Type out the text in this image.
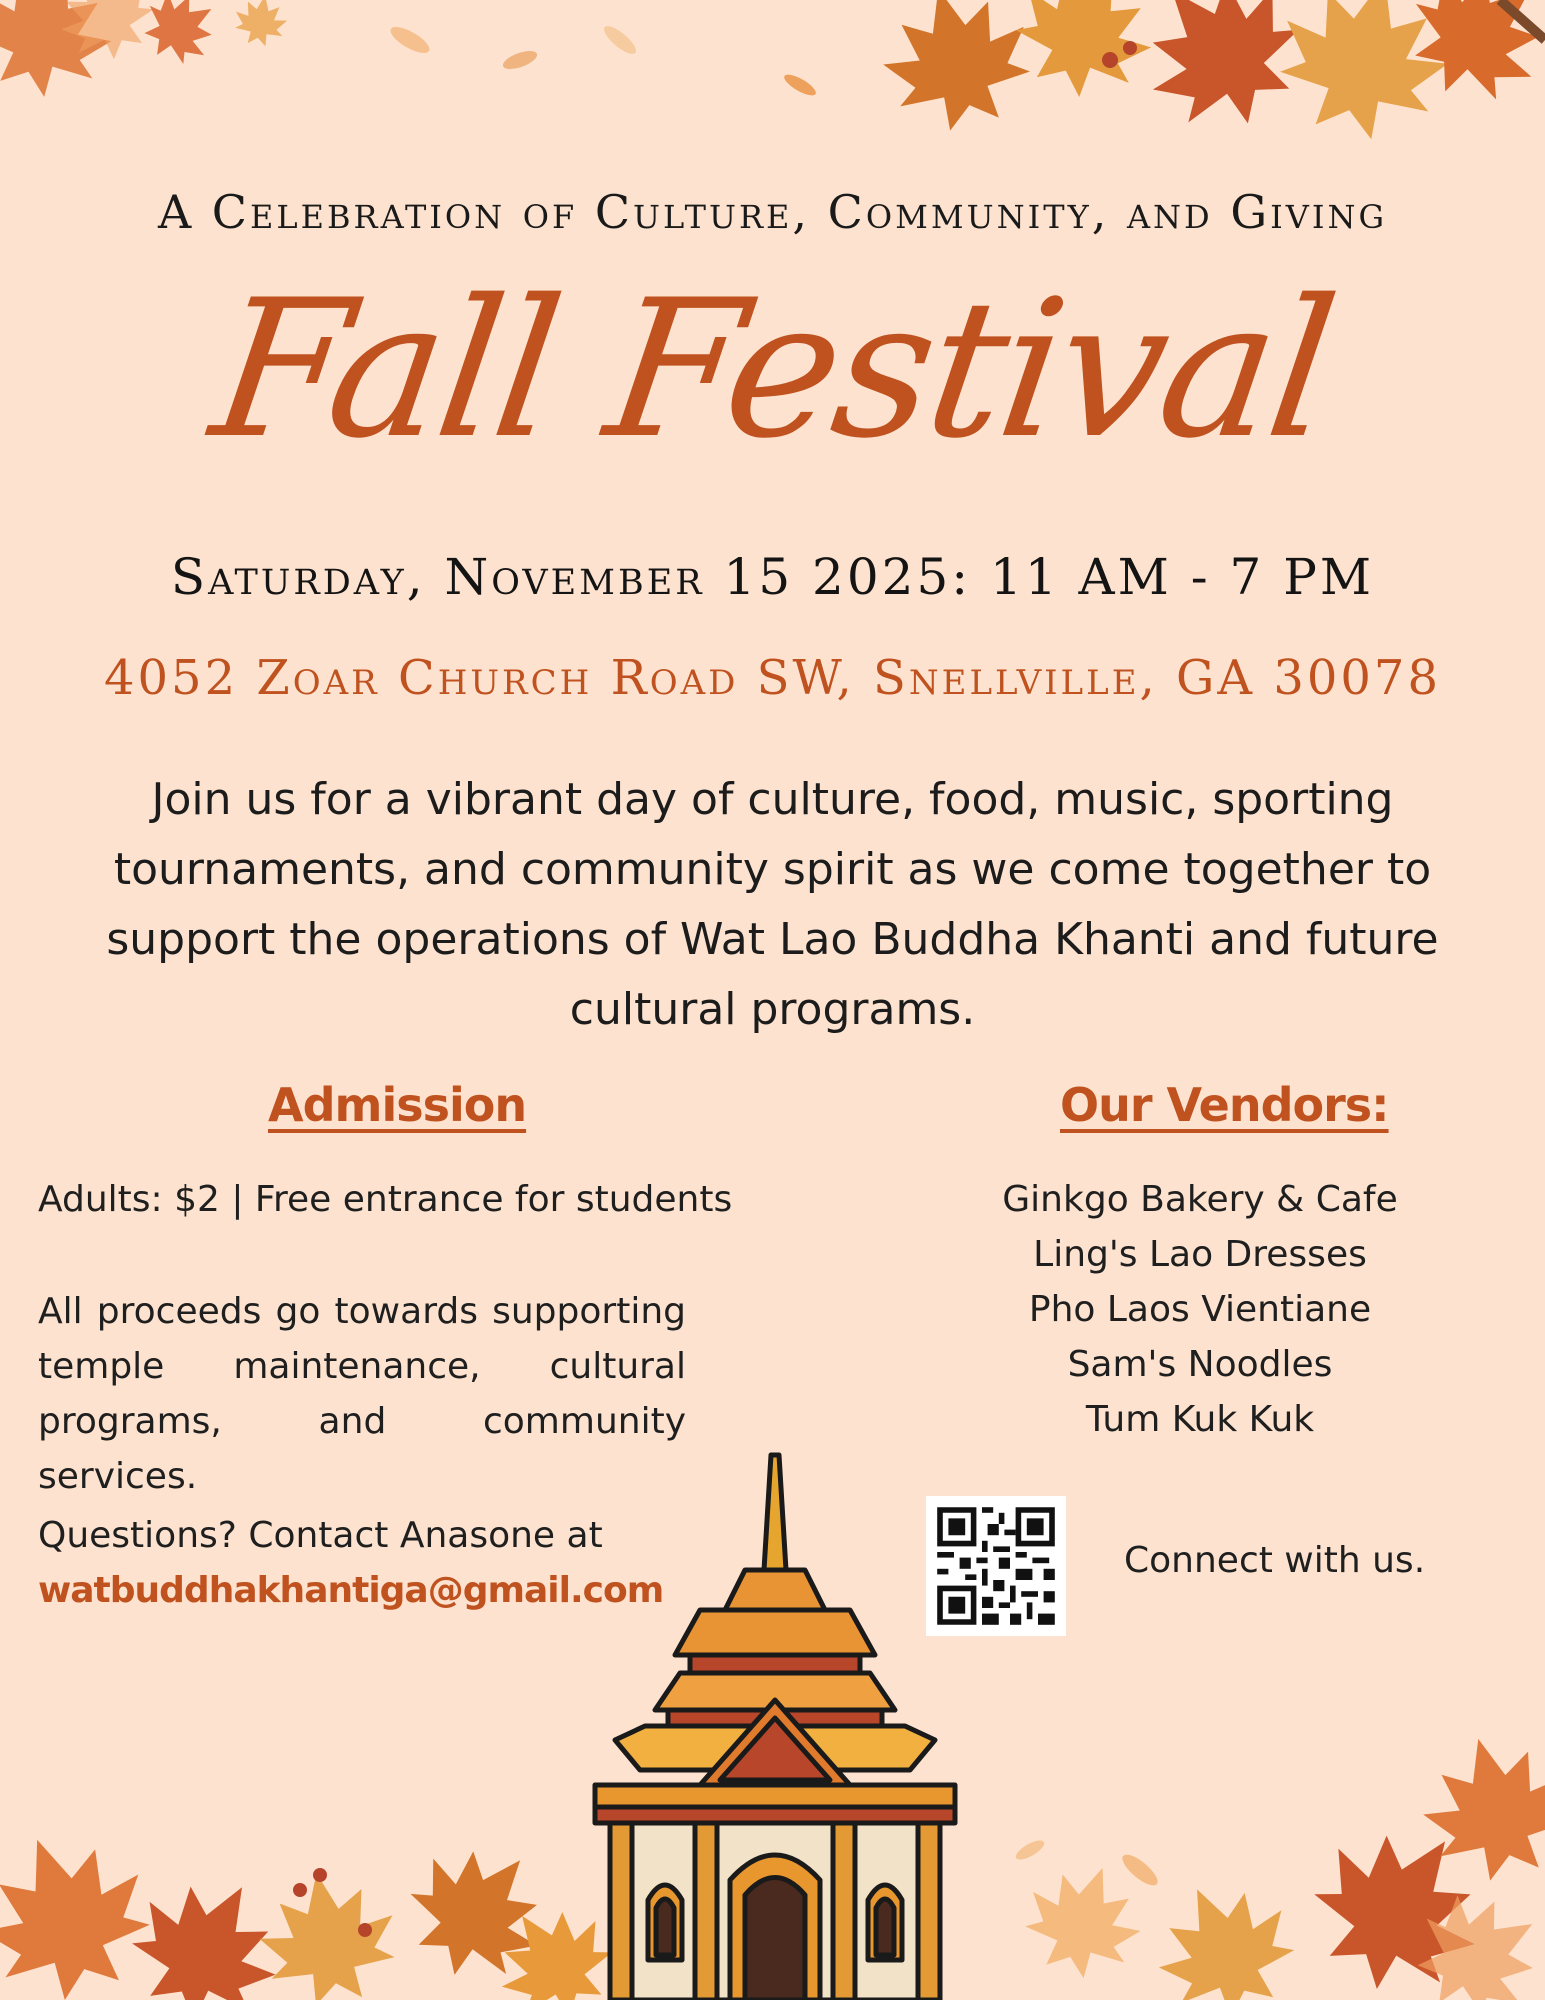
A Celebration of Culture, Community, and Giving
Fall Festival
Saturday, November 15 2025: 11 AM - 7 PM
4052 Zoar Church Road SW, Snellville, GA 30078
Join us for a vibrant day of culture, food, music, sporting tournaments, and community spirit as we come together to support the operations of Wat Lao Buddha Khanti and future cultural programs.
Admission
Adults: $2 | Free entrance for students
All proceeds go towards supporting temple maintenance, cultural programs, and community services.
Questions? Contact Anasone at
watbuddhakhantiga@gmail.com
Our Vendors:
Ginkgo Bakery & Cafe
Ling's Lao Dresses
Pho Laos Vientiane
Sam's Noodles
Tum Kuk Kuk
Connect with us.
